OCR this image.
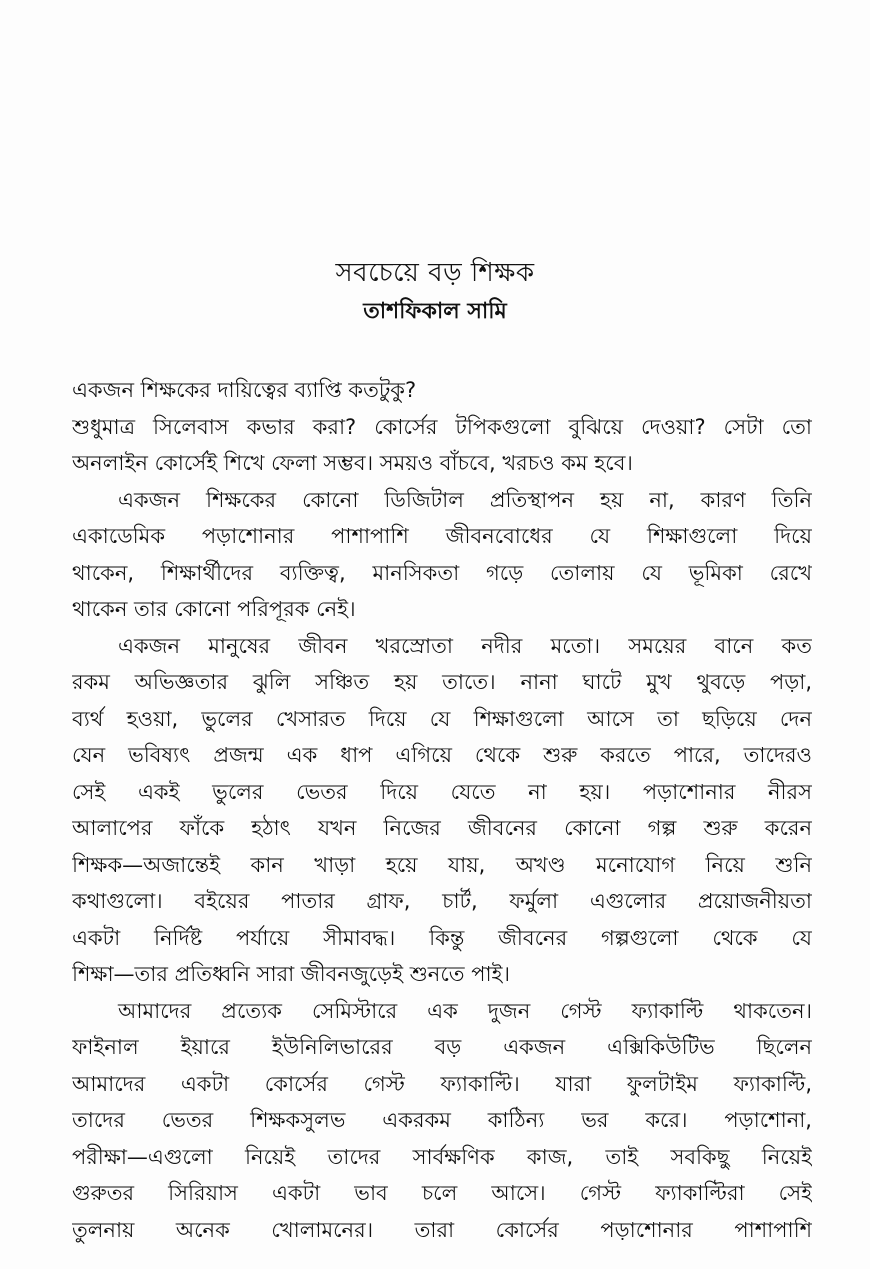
সবচেয়ে বড় শিক্ষক
তাশফিকাল সামি
একজন শিক্ষকের দায়িত্বের ব্যাপ্তি কতটুকু?
শুধুমাত্র সিলেবাস কভার করা? কোর্সের টপিকগুলো বুঝিয়ে দেওয়া? সেটা তো
অনলাইন কোর্সেই শিখে ফেলা সম্ভব। সময়ও বাঁচবে, খরচও কম হবে।
একজন শিক্ষকের কোনো ডিজিটাল প্রতিস্থাপন হয় না, কারণ তিনি
একাডেমিক পড়াশোনার পাশাপাশি জীবনবোধের যে শিক্ষাগুলো দিয়ে
থাকেন, শিক্ষার্থীদের ব্যক্তিত্ব, মানসিকতা গড়ে তোলায় যে ভূমিকা রেখে
থাকেন তার কোনো পরিপূরক নেই।
একজন মানুষের জীবন খরস্রোতা নদীর মতো। সময়ের বানে কত
রকম অভিজ্ঞতার ঝুলি সঞ্চিত হয় তাতে। নানা ঘাটে মুখ থুবড়ে পড়া,
ব্যর্থ হওয়া, ভুলের খেসারত দিয়ে যে শিক্ষাগুলো আসে তা ছড়িয়ে দেন
যেন ভবিষ্যৎ প্রজন্ম এক ধাপ এগিয়ে থেকে শুরু করতে পারে, তাদেরও
সেই একই ভুলের ভেতর দিয়ে যেতে না হয়। পড়াশোনার নীরস
আলাপের ফাঁকে হঠাৎ যখন নিজের জীবনের কোনো গল্প শুরু করেন
শিক্ষক—অজান্তেই কান খাড়া হয়ে যায়, অখণ্ড মনোযোগ নিয়ে শুনি
কথাগুলো। বইয়ের পাতার গ্রাফ, চার্ট, ফর্মুলা এগুলোর প্রয়োজনীয়তা
একটা নির্দিষ্ট পর্যায়ে সীমাবদ্ধ। কিন্তু জীবনের গল্পগুলো থেকে যে
শিক্ষা—তার প্রতিধ্বনি সারা জীবনজুড়েই শুনতে পাই।
আমাদের প্রত্যেক সেমিস্টারে এক দুজন গেস্ট ফ্যাকাল্টি থাকতেন।
ফাইনাল ইয়ারে ইউনিলিভারের বড় একজন এক্সিকিউটিভ ছিলেন
আমাদের একটা কোর্সের গেস্ট ফ্যাকাল্টি। যারা ফুলটাইম ফ্যাকাল্টি,
তাদের ভেতর শিক্ষকসুলভ একরকম কাঠিন্য ভর করে। পড়াশোনা,
পরীক্ষা—এগুলো নিয়েই তাদের সার্বক্ষণিক কাজ, তাই সবকিছু নিয়েই
গুরুতর সিরিয়াস একটা ভাব চলে আসে। গেস্ট ফ্যাকাল্টিরা সেই
তুলনায় অনেক খোলামনের। তারা কোর্সের পড়াশোনার পাশাপাশি
